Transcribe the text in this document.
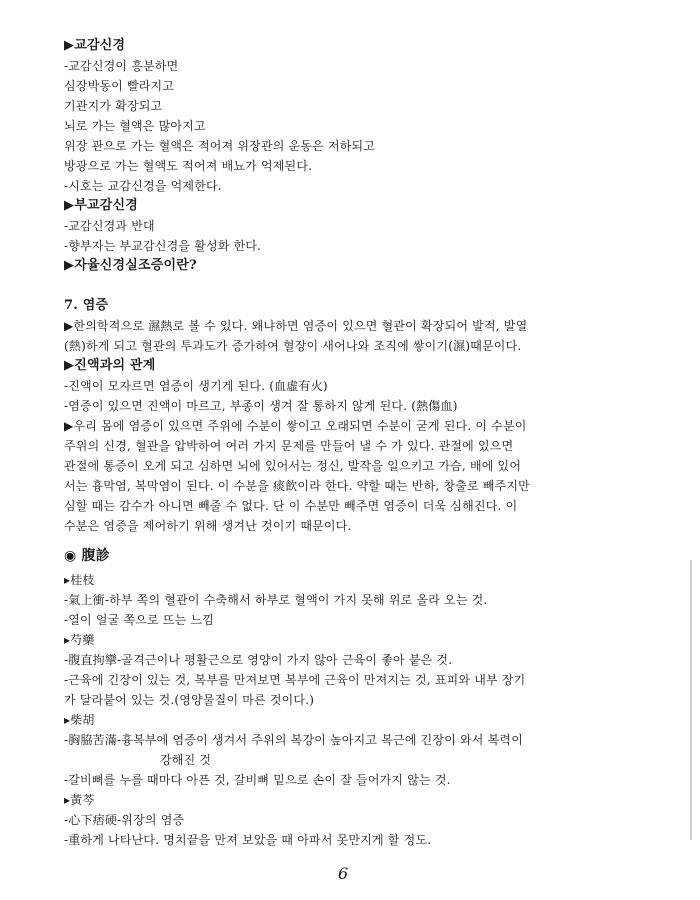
▶교감신경
-교감신경이 흥분하면
심장박동이 빨라지고
기관지가 확장되고
뇌로 가는 혈액은 많아지고
위장 관으로 가는 혈액은 적어져 위장관의 운동은 저하되고
방광으로 가는 혈액도 적어져 배뇨가 억제된다.
-시호는 교감신경을 억제한다.
▶부교감신경
-교감신경과 반대
-향부자는 부교감신경을 활성화 한다.
▶자율신경실조증이란?
7. 염증
▶한의학적으로 濕熱로 볼 수 있다. 왜냐하면 염증이 있으면 혈관이 확장되어 발적, 발열
(熱)하게 되고 혈관의 투과도가 증가하여 혈장이 새어나와 조직에 쌓이기(濕)때문이다.
▶진액과의 관계
-진액이 모자르면 염증이 생기게 된다. (血虛有火)
-염증이 있으면 진액이 마르고, 부종이 생겨 잘 통하지 않게 된다. (熱傷血)
▶우리 몸에 염증이 있으면 주위에 수분이 쌓이고 오래되면 수분이 굳게 된다. 이 수분이
주위의 신경, 혈관을 압박하여 여러 가지 문제를 만들어 낼 수 가 있다. 관절에 있으면
관절에 통증이 오게 되고 심하면 뇌에 있어서는 정신, 발작을 일으키고 가슴, 배에 있어
서는 흉막염, 복막염이 된다. 이 수분을 痰飮이라 한다. 약할 때는 반하, 창출로 빼주지만
심할 때는 감수가 아니면 빼줄 수 없다. 단 이 수분만 빼주면 염증이 더욱 심해진다. 이
수분은 염증을 제어하기 위해 생겨난 것이기 때문이다.
◉ 腹診
▸桂枝
-氣上衝-하부 쪽의 혈관이 수축해서 하부로 혈액이 가지 못해 위로 올라 오는 것.
-열이 얼굴 쪽으로 뜨는 느낌
▸芍藥
-腹直拘攣-골격근이나 평활근으로 영양이 가지 않아 근육이 좋아 붙은 것.
-근육에 긴장이 있는 것, 복부를 만져보면 복부에 근육이 만져지는 것, 표피와 내부 장기
가 달라붙어 있는 것.(영양물질이 마른 것이다.)
▸柴胡
-胸脇苦滿-흉복부에 염증이 생겨서 주위의 복강이 높아지고 복근에 긴장이 와서 복력이
강해진 것
-갈비뼈를 누를 때마다 아픈 것, 갈비뼈 밑으로 손이 잘 들어가지 않는 것.
▸黃芩
-心下痞硬-위장의 염증
-重하게 나타난다. 명치끝을 만져 보았을 때 아파서 못만지게 할 정도.
6
